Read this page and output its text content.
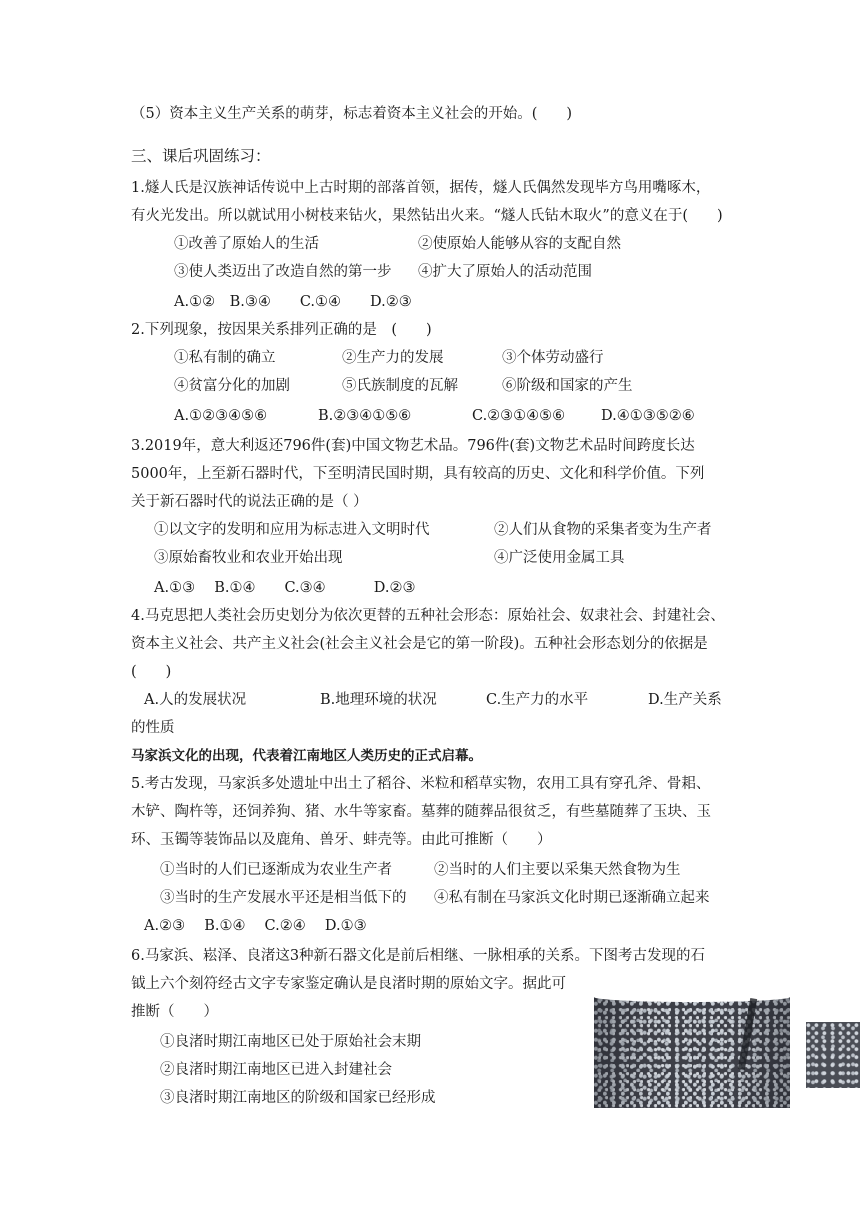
（5）资本主义生产关系的萌芽，标志着资本主义社会的开始。(　　)
三、课后巩固练习：
1.燧人氏是汉族神话传说中上古时期的部落首领，据传，燧人氏偶然发现毕方鸟用嘴啄木，
有火光发出。所以就试用小树枝来钻火，果然钻出火来。“燧人氏钻木取火”的意义在于(　　)
①改善了原始人的生活	②使原始人能够从容的支配自然
③使人类迈出了改造自然的第一步 ④扩大了原始人的活动范围
A.①②　B.③④　　C.①④　　D.②③
2.下列现象，按因果关系排列正确的是　(　　)
①私有制的确立	②生产力的发展	③个体劳动盛行
④贫富分化的加剧	⑤氏族制度的瓦解	⑥阶级和国家的产生
A.①②③④⑤⑥	B.②③④①⑤⑥	C.②③①④⑤⑥ D.④①③⑤②⑥
3.2019年，意大利返还796件(套)中国文物艺术品。796件(套)文物艺术品时间跨度长达
5000年，上至新石器时代，下至明清民国时期，具有较高的历史、文化和科学价值。下列
关于新石器时代的说法正确的是（ ）
①以文字的发明和应用为标志进入文明时代	②人们从食物的采集者变为生产者
③原始畜牧业和农业开始出现	④广泛使用金属工具
A.①③　 B.①④　　C.③④　　　 D.②③
4.马克思把人类社会历史划分为依次更替的五种社会形态：原始社会、奴隶社会、封建社会、
资本主义社会、共产主义社会(社会主义社会是它的第一阶段)。五种社会形态划分的依据是
(　　)
A.人的发展状况	B.地理环境的状况	C.生产力的水平	D.生产关系
的性质
马家浜文化的出现，代表着江南地区人类历史的正式启幕。
5.考古发现，马家浜多处遗址中出土了稻谷、米粒和稻草实物，农用工具有穿孔斧、骨耜、
木铲、陶杵等，还饲养狗、猪、水牛等家畜。墓葬的随葬品很贫乏，有些墓随葬了玉块、玉
环、玉镯等装饰品以及鹿角、兽牙、蚌壳等。由此可推断（　　）
①当时的人们已逐渐成为农业生产者	②当时的人们主要以采集天然食物为生
③当时的生产发展水平还是相当低下的 ④私有制在马家浜文化时期已逐渐确立起来
A.②③　 B.①④　 C.②④　 D.①③
6.马家浜、崧泽、良渚这3种新石器文化是前后相继、一脉相承的关系。下图考古发现的石
钺上六个刻符经古文字专家鉴定确认是良渚时期的原始文字。据此可
推断（　　）
①良渚时期江南地区已处于原始社会末期
②良渚时期江南地区已进入封建社会
③良渚时期江南地区的阶级和国家已经形成
